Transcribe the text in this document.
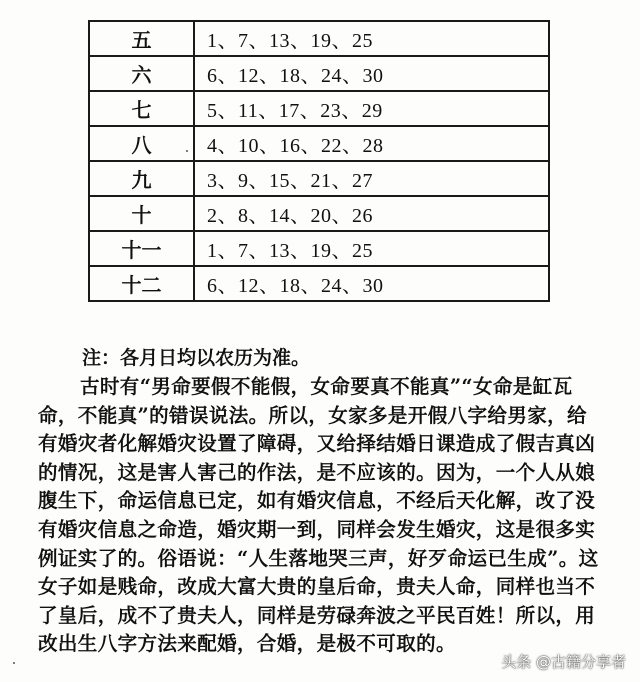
五	1、7、13、19、25
六	6、12、18、24、30
七	5、11、17、23、29
八	4、10、16、22、28
九	3、9、15、21、27
十	2、8、14、20、26
十一	1、7、13、19、25
十二	6、12、18、24、30
注：各月日均以农历为准。
古时有“男命要假不能假，女命要真不能真”“女命是缸瓦
命，不能真”的错误说法。所以，女家多是开假八字给男家，给
有婚灾者化解婚灾设置了障碍，又给择结婚日课造成了假吉真凶
的情况，这是害人害己的作法，是不应该的。因为，一个人从娘
腹生下，命运信息已定，如有婚灾信息，不经后天化解，改了没
有婚灾信息之命造，婚灾期一到，同样会发生婚灾，这是很多实
例证实了的。俗语说：“人生落地哭三声，好歹命运已生成”。这
女子如是贱命，改成大富大贵的皇后命，贵夫人命，同样也当不
了皇后，成不了贵夫人，同样是劳碌奔波之平民百姓！所以，用
改出生八字方法来配婚，合婚，是极不可取的。
头条 @古籍分享者
